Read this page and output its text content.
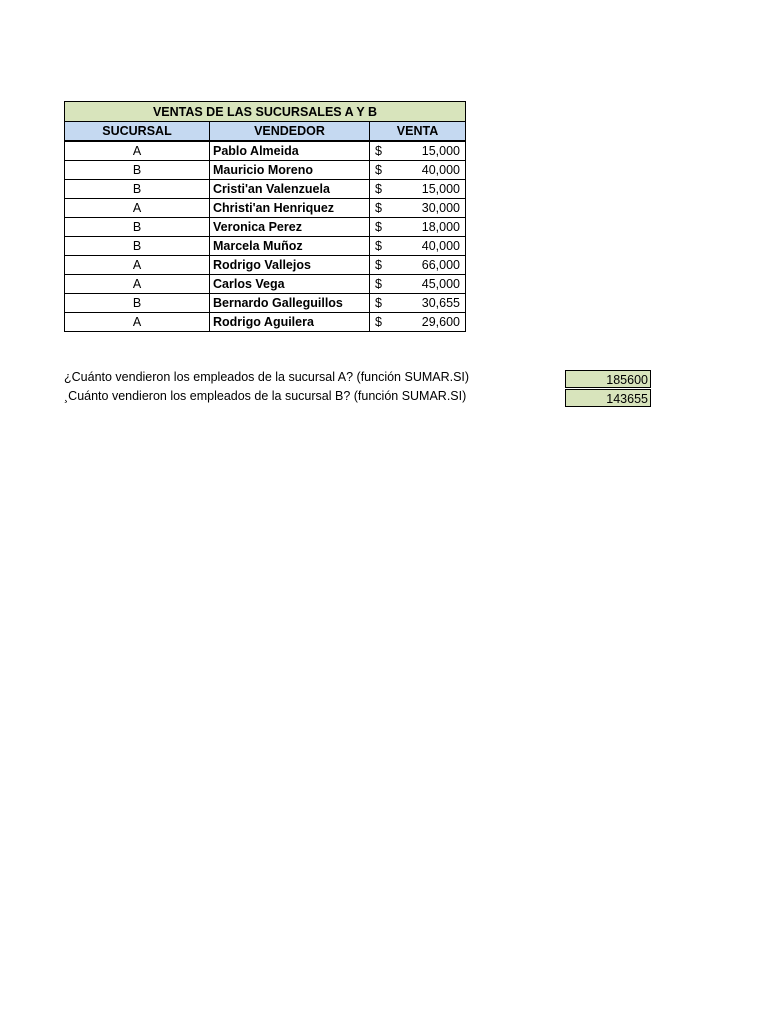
VENTAS DE LAS SUCURSALES A Y B		
SUCURSAL	VENDEDOR	VENTA
A	Pablo Almeida	$ 15,000

B	Mauricio Moreno	$ 40,000

B	Cristi'an Valenzuela	$ 15,000

A	Christi'an Henriquez	$ 30,000

B	Veronica Perez	$ 18,000

B	Marcela Muñoz	$ 40,000

A	Rodrigo Vallejos	$ 66,000

A	Carlos Vega	$ 45,000

B	Bernardo Galleguillos	$ 30,655

A	Rodrigo Aguilera	$ 29,600
¿Cuánto vendieron los empleados de la sucursal A? (función SUMAR.SI)	185600
¸Cuánto vendieron los empleados de la sucursal B? (función SUMAR.SI)	143655
